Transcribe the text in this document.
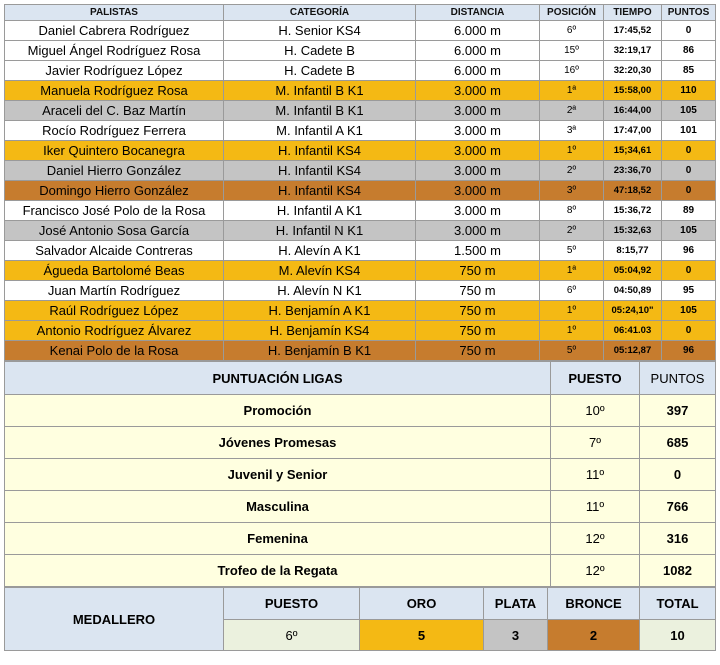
PALISTAS	CATEGORÍA	DISTANCIA	POSICIÓN	TIEMPO	PUNTOS
Daniel Cabrera Rodríguez	H. Senior KS4	6.000 m	6º	17:45,52	0
Miguel Ángel Rodríguez Rosa	H. Cadete B	6.000 m	15º	32:19,17	86
Javier Rodríguez López	H. Cadete B	6.000 m	16º	32:20,30	85
Manuela Rodríguez Rosa	M. Infantil B K1	3.000 m	1ª	15:58,00	110
Araceli del C. Baz Martín	M. Infantil B K1	3.000 m	2ª	16:44,00	105
Rocío Rodríguez Ferrera	M. Infantil A K1	3.000 m	3ª	17:47,00	101
Iker Quintero Bocanegra	H. Infantil KS4	3.000 m	1º	15;34,61	0
Daniel Hierro González	H. Infantil KS4	3.000 m	2º	23:36,70	0
Domingo Hierro González	H. Infantil KS4	3.000 m	3º	47:18,52	0
Francisco José Polo de la Rosa	H. Infantil A K1	3.000 m	8º	15:36,72	89
José Antonio Sosa García	H. Infantil N K1	3.000 m	2º	15:32,63	105
Salvador Alcaide Contreras	H. Alevín A K1	1.500 m	5º	8:15,77	96
Águeda Bartolomé Beas	M. Alevín KS4	750 m	1ª	05:04,92	0
Juan Martín Rodríguez	H. Alevín N K1	750 m	6º	04:50,89	95
Raúl Rodríguez López	H. Benjamín A K1	750 m	1º	05:24,10"	105
Antonio Rodríguez Álvarez	H. Benjamín KS4	750 m	1º	06:41.03	0
Kenai Polo de la Rosa	H. Benjamín B K1	750 m	5º	05:12,87	96
PUNTUACIÓN LIGAS	PUESTO	PUNTOS
Promoción	10º	397
Jóvenes Promesas	7º	685
Juvenil y Senior	11º	0
Masculina	11º	766
Femenina	12º	316
Trofeo de la Regata	12º	1082
MEDALLERO	PUESTO	ORO	PLATA	BRONCE	TOTAL
	6º	5	3	2	10
